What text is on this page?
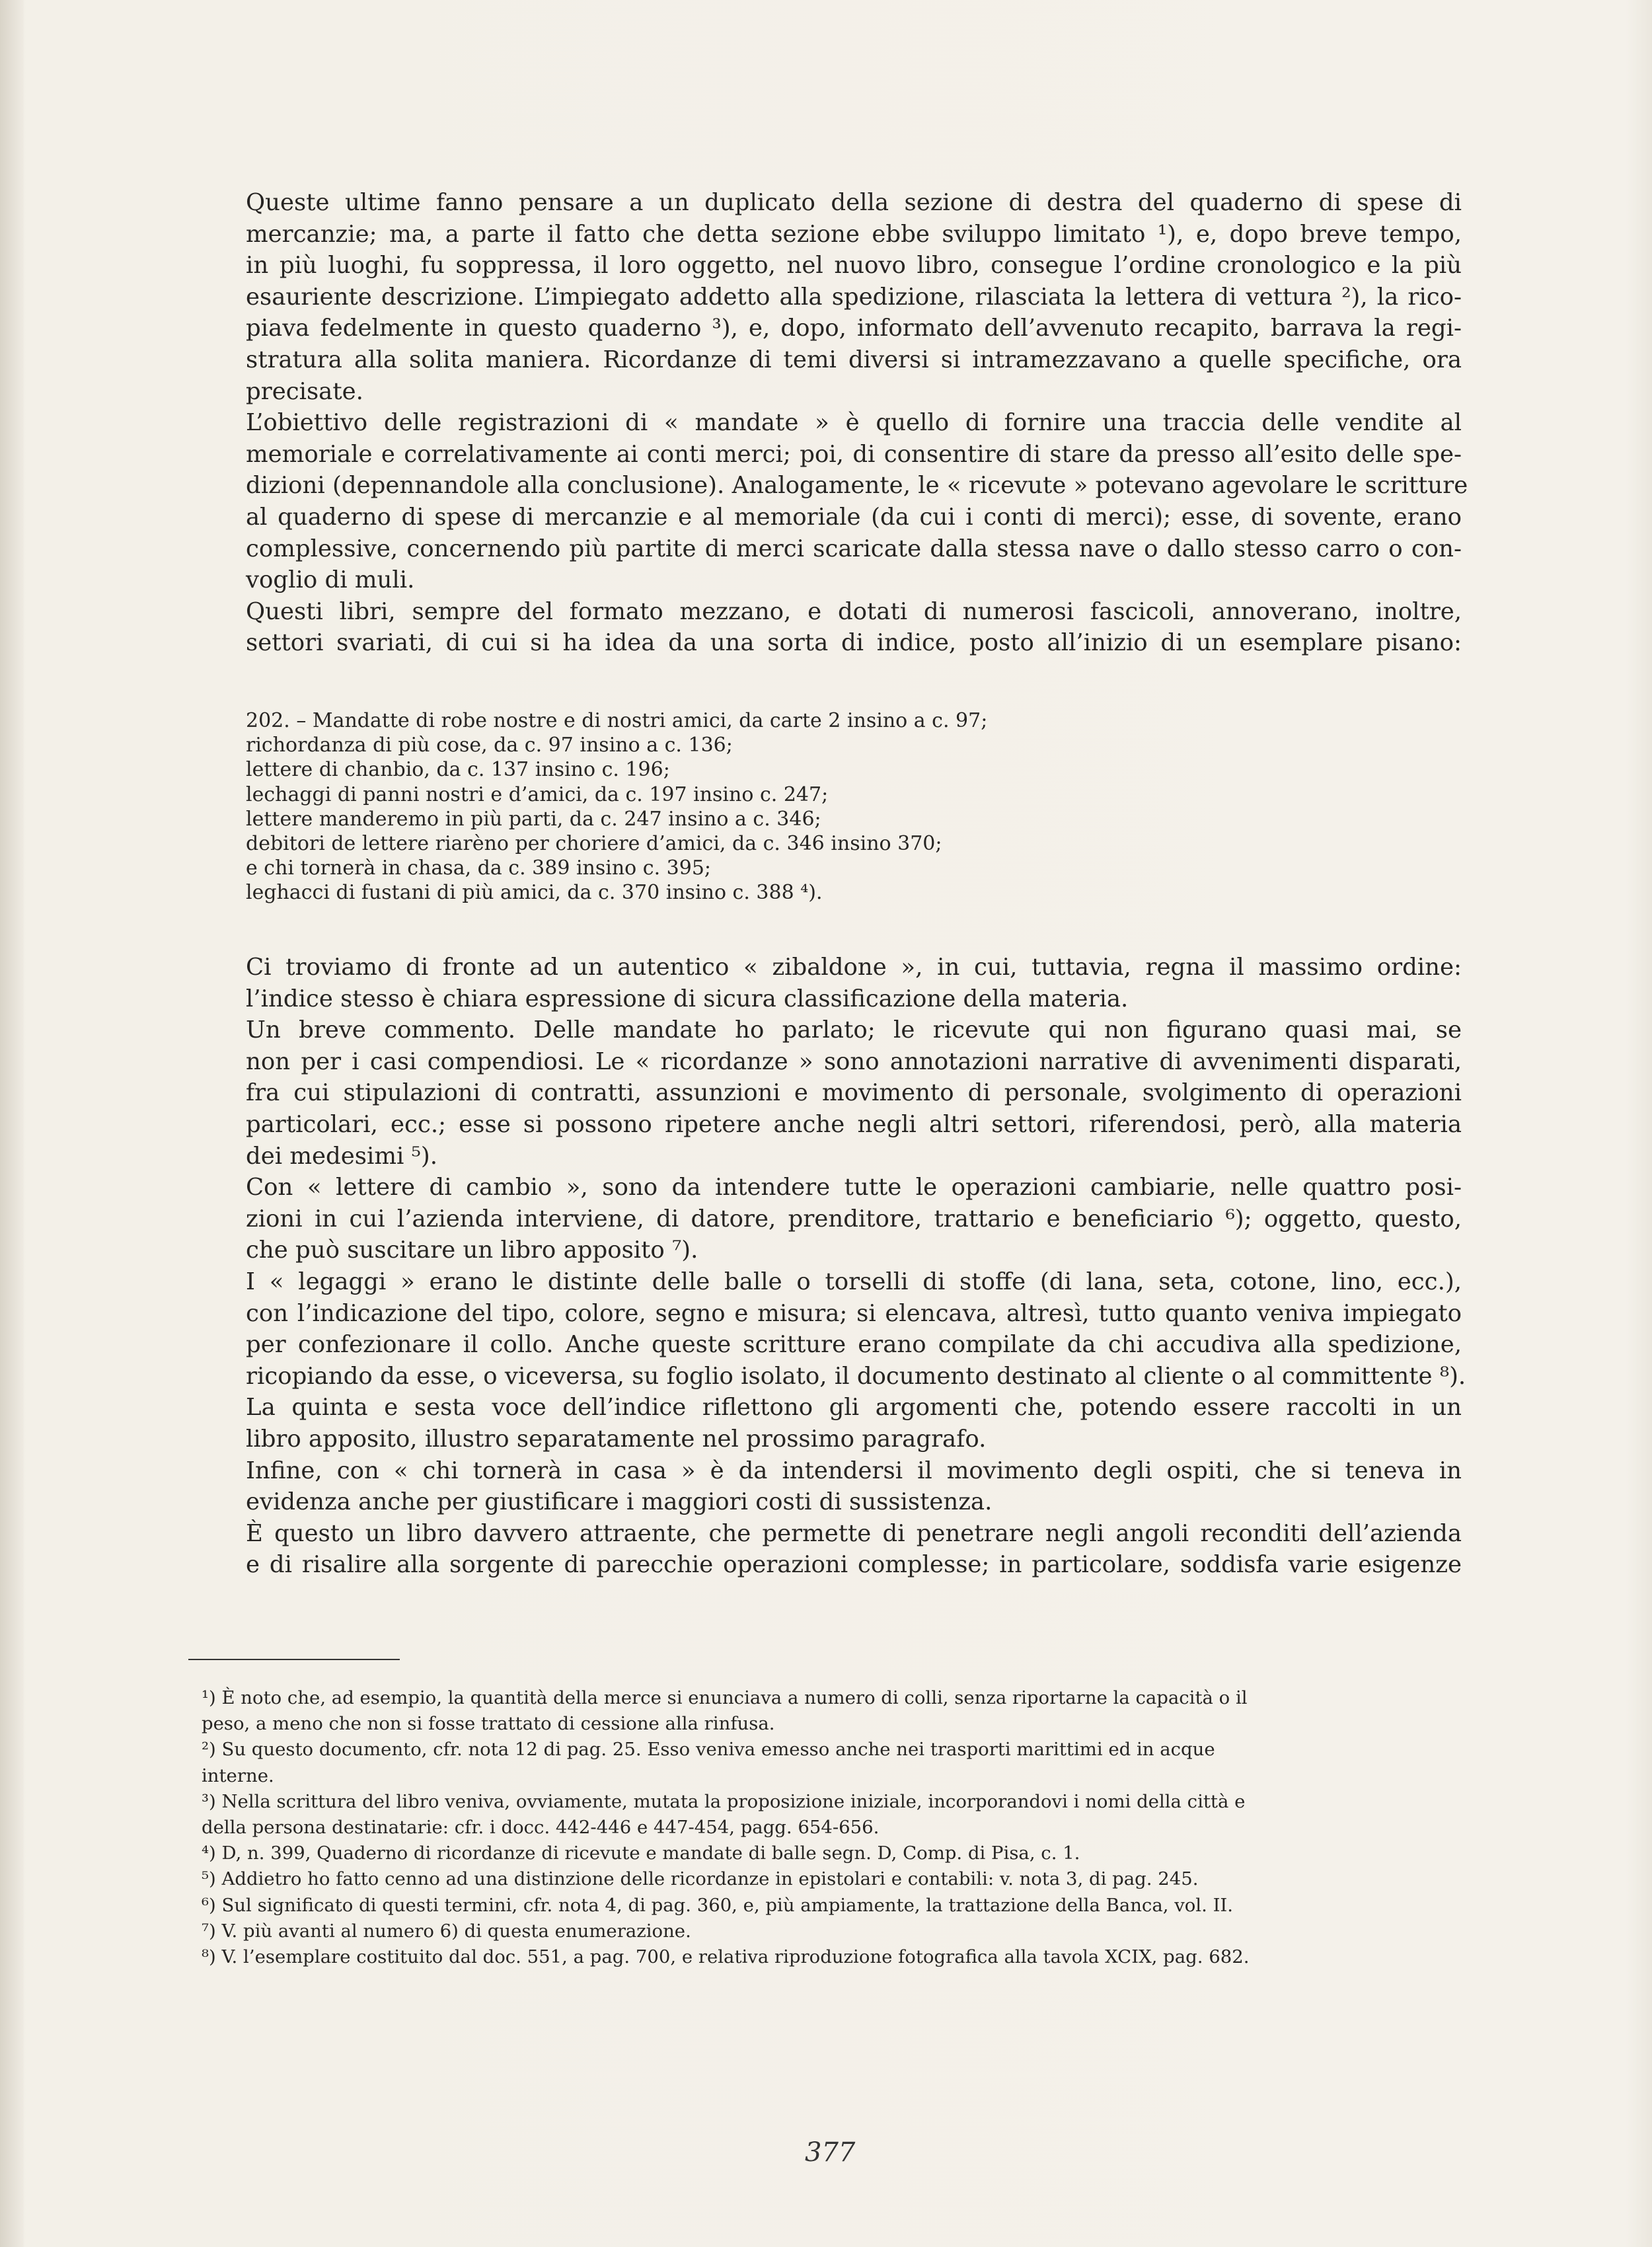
Queste ultime fanno pensare a un duplicato della sezione di destra del quaderno di spese di
mercanzie; ma, a parte il fatto che detta sezione ebbe sviluppo limitato ¹), e, dopo breve tempo,
in più luoghi, fu soppressa, il loro oggetto, nel nuovo libro, consegue l’ordine cronologico e la più
esauriente descrizione. L’impiegato addetto alla spedizione, rilasciata la lettera di vettura ²), la rico-
piava fedelmente in questo quaderno ³), e, dopo, informato dell’avvenuto recapito, barrava la regi-
stratura alla solita maniera. Ricordanze di temi diversi si intramezzavano a quelle specifiche, ora
precisate.
L’obiettivo delle registrazioni di « mandate » è quello di fornire una traccia delle vendite al
memoriale e correlativamente ai conti merci; poi, di consentire di stare da presso all’esito delle spe-
dizioni (depennandole alla conclusione). Analogamente, le « ricevute » potevano agevolare le scritture
al quaderno di spese di mercanzie e al memoriale (da cui i conti di merci); esse, di sovente, erano
complessive, concernendo più partite di merci scaricate dalla stessa nave o dallo stesso carro o con-
voglio di muli.
Questi libri, sempre del formato mezzano, e dotati di numerosi fascicoli, annoverano, inoltre,
settori svariati, di cui si ha idea da una sorta di indice, posto all’inizio di un esemplare pisano:
202. – Mandatte di robe nostre e di nostri amici, da carte 2 insino a c. 97;
richordanza di più cose, da c. 97 insino a c. 136;
lettere di chanbio, da c. 137 insino c. 196;
lechaggi di panni nostri e d’amici, da c. 197 insino c. 247;
lettere manderemo in più parti, da c. 247 insino a c. 346;
debitori de lettere riarèno per choriere d’amici, da c. 346 insino 370;
e chi tornerà in chasa, da c. 389 insino c. 395;
leghacci di fustani di più amici, da c. 370 insino c. 388 ⁴).
Ci troviamo di fronte ad un autentico « zibaldone », in cui, tuttavia, regna il massimo ordine:
l’indice stesso è chiara espressione di sicura classificazione della materia.
Un breve commento. Delle mandate ho parlato; le ricevute qui non figurano quasi mai, se
non per i casi compendiosi. Le « ricordanze » sono annotazioni narrative di avvenimenti disparati,
fra cui stipulazioni di contratti, assunzioni e movimento di personale, svolgimento di operazioni
particolari, ecc.; esse si possono ripetere anche negli altri settori, riferendosi, però, alla materia
dei medesimi ⁵).
Con « lettere di cambio », sono da intendere tutte le operazioni cambiarie, nelle quattro posi-
zioni in cui l’azienda interviene, di datore, prenditore, trattario e beneficiario ⁶); oggetto, questo,
che può suscitare un libro apposito ⁷).
I « legaggi » erano le distinte delle balle o torselli di stoffe (di lana, seta, cotone, lino, ecc.),
con l’indicazione del tipo, colore, segno e misura; si elencava, altresì, tutto quanto veniva impiegato
per confezionare il collo. Anche queste scritture erano compilate da chi accudiva alla spedizione,
ricopiando da esse, o viceversa, su foglio isolato, il documento destinato al cliente o al committente ⁸).
La quinta e sesta voce dell’indice riflettono gli argomenti che, potendo essere raccolti in un
libro apposito, illustro separatamente nel prossimo paragrafo.
Infine, con « chi tornerà in casa » è da intendersi il movimento degli ospiti, che si teneva in
evidenza anche per giustificare i maggiori costi di sussistenza.
È questo un libro davvero attraente, che permette di penetrare negli angoli reconditi dell’azienda
e di risalire alla sorgente di parecchie operazioni complesse; in particolare, soddisfa varie esigenze
¹) È noto che, ad esempio, la quantità della merce si enunciava a numero di colli, senza riportarne la capacità o il
peso, a meno che non si fosse trattato di cessione alla rinfusa.
²) Su questo documento, cfr. nota 12 di pag. 25. Esso veniva emesso anche nei trasporti marittimi ed in acque
interne.
³) Nella scrittura del libro veniva, ovviamente, mutata la proposizione iniziale, incorporandovi i nomi della città e
della persona destinatarie: cfr. i docc. 442-446 e 447-454, pagg. 654-656.
⁴) D, n. 399, Quaderno di ricordanze di ricevute e mandate di balle segn. D, Comp. di Pisa, c. 1.
⁵) Addietro ho fatto cenno ad una distinzione delle ricordanze in epistolari e contabili: v. nota 3, di pag. 245.
⁶) Sul significato di questi termini, cfr. nota 4, di pag. 360, e, più ampiamente, la trattazione della Banca, vol. II.
⁷) V. più avanti al numero 6) di questa enumerazione.
⁸) V. l’esemplare costituito dal doc. 551, a pag. 700, e relativa riproduzione fotografica alla tavola XCIX, pag. 682.
377
